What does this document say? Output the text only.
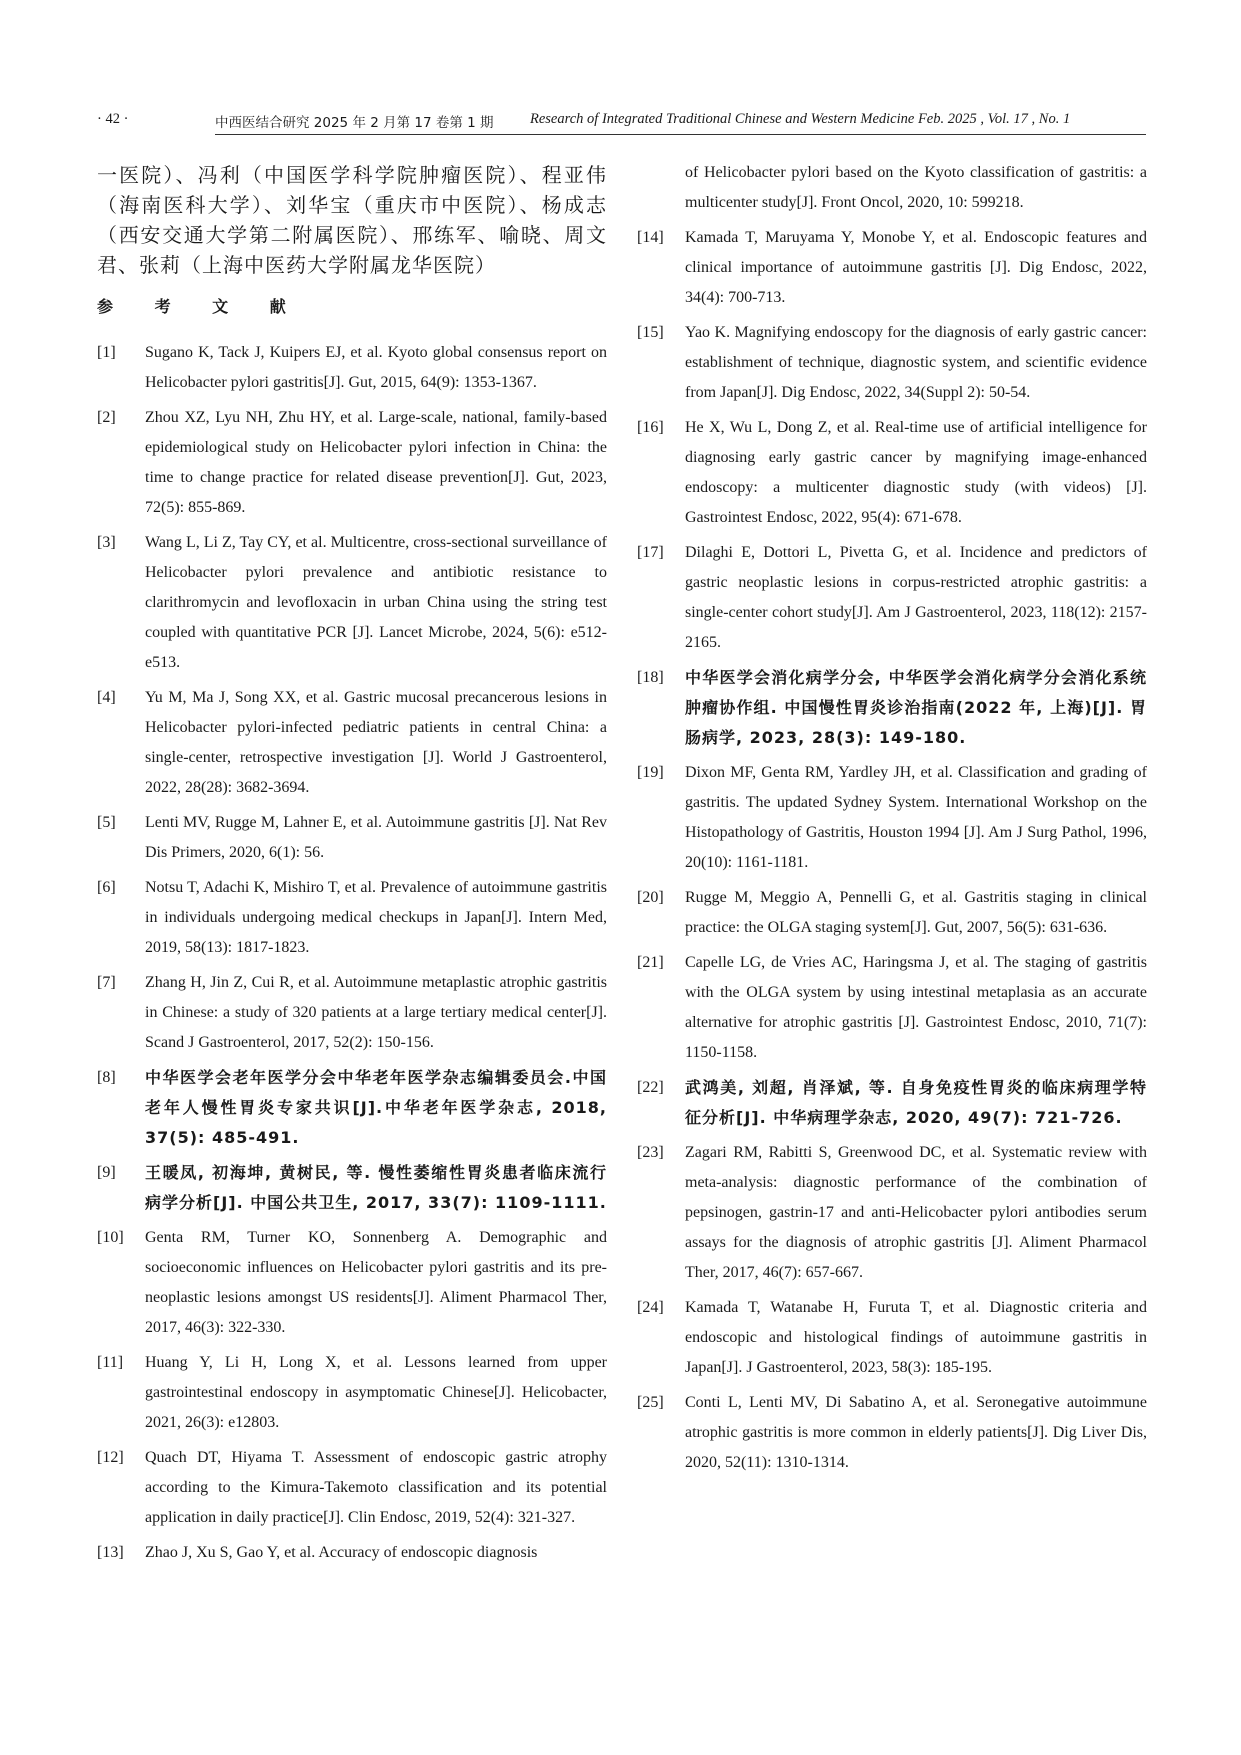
· 42 ·	中西医结合研究 2025 年 2 月第 17 卷第 1 期	Research of Integrated Traditional Chinese and Western Medicine Feb. 2025 , Vol. 17 , No. 1
一医院）、冯利（中国医学科学院肿瘤医院）、程亚伟（海南医科大学）、刘华宝（重庆市中医院）、杨成志（西安交通大学第二附属医院）、邢练军、喻晓、周文君、张莉（上海中医药大学附属龙华医院）
参 考 文 献
[1] Sugano K, Tack J, Kuipers EJ, et al. Kyoto global consensus report on Helicobacter pylori gastritis[J]. Gut, 2015, 64(9): 1353-1367.
[2] Zhou XZ, Lyu NH, Zhu HY, et al. Large-scale, national, family-based epidemiological study on Helicobacter pylori infection in China: the time to change practice for related disease prevention[J]. Gut, 2023, 72(5): 855-869.
[3] Wang L, Li Z, Tay CY, et al. Multicentre, cross-sectional surveillance of Helicobacter pylori prevalence and antibiotic resistance to clarithromycin and levofloxacin in urban China using the string test coupled with quantitative PCR [J]. Lancet Microbe, 2024, 5(6): e512-e513.
[4] Yu M, Ma J, Song XX, et al. Gastric mucosal precancerous lesions in Helicobacter pylori-infected pediatric patients in central China: a single-center, retrospective investigation [J]. World J Gastroenterol, 2022, 28(28): 3682-3694.
[5] Lenti MV, Rugge M, Lahner E, et al. Autoimmune gastritis [J]. Nat Rev Dis Primers, 2020, 6(1): 56.
[6] Notsu T, Adachi K, Mishiro T, et al. Prevalence of autoimmune gastritis in individuals undergoing medical checkups in Japan[J]. Intern Med, 2019, 58(13): 1817-1823.
[7] Zhang H, Jin Z, Cui R, et al. Autoimmune metaplastic atrophic gastritis in Chinese: a study of 320 patients at a large tertiary medical center[J]. Scand J Gastroenterol, 2017, 52(2): 150-156.
[8] 中华医学会老年医学分会中华老年医学杂志编辑委员会.中国老年人慢性胃炎专家共识[J].中华老年医学杂志, 2018, 37(5): 485-491.
[9] 王暖凤, 初海坤, 黄树民, 等. 慢性萎缩性胃炎患者临床流行病学分析[J]. 中国公共卫生, 2017, 33(7): 1109-1111.
[10] Genta RM, Turner KO, Sonnenberg A. Demographic and socioeconomic influences on Helicobacter pylori gastritis and its pre-neoplastic lesions amongst US residents[J]. Aliment Pharmacol Ther, 2017, 46(3): 322-330.
[11] Huang Y, Li H, Long X, et al. Lessons learned from upper gastrointestinal endoscopy in asymptomatic Chinese[J]. Helicobacter, 2021, 26(3): e12803.
[12] Quach DT, Hiyama T. Assessment of endoscopic gastric atrophy according to the Kimura-Takemoto classification and its potential application in daily practice[J]. Clin Endosc, 2019, 52(4): 321-327.
[13] Zhao J, Xu S, Gao Y, et al. Accuracy of endoscopic diagnosis
of Helicobacter pylori based on the Kyoto classification of gastritis: a multicenter study[J]. Front Oncol, 2020, 10: 599218.
[14] Kamada T, Maruyama Y, Monobe Y, et al. Endoscopic features and clinical importance of autoimmune gastritis [J]. Dig Endosc, 2022, 34(4): 700-713.
[15] Yao K. Magnifying endoscopy for the diagnosis of early gastric cancer: establishment of technique, diagnostic system, and scientific evidence from Japan[J]. Dig Endosc, 2022, 34(Suppl 2): 50-54.
[16] He X, Wu L, Dong Z, et al. Real-time use of artificial intelligence for diagnosing early gastric cancer by magnifying image-enhanced endoscopy: a multicenter diagnostic study (with videos) [J]. Gastrointest Endosc, 2022, 95(4): 671-678.
[17] Dilaghi E, Dottori L, Pivetta G, et al. Incidence and predictors of gastric neoplastic lesions in corpus-restricted atrophic gastritis: a single-center cohort study[J]. Am J Gastroenterol, 2023, 118(12): 2157-2165.
[18] 中华医学会消化病学分会, 中华医学会消化病学分会消化系统肿瘤协作组. 中国慢性胃炎诊治指南(2022 年, 上海)[J]. 胃肠病学, 2023, 28(3): 149-180.
[19] Dixon MF, Genta RM, Yardley JH, et al. Classification and grading of gastritis. The updated Sydney System. International Workshop on the Histopathology of Gastritis, Houston 1994 [J]. Am J Surg Pathol, 1996, 20(10): 1161-1181.
[20] Rugge M, Meggio A, Pennelli G, et al. Gastritis staging in clinical practice: the OLGA staging system[J]. Gut, 2007, 56(5): 631-636.
[21] Capelle LG, de Vries AC, Haringsma J, et al. The staging of gastritis with the OLGA system by using intestinal metaplasia as an accurate alternative for atrophic gastritis [J]. Gastrointest Endosc, 2010, 71(7): 1150-1158.
[22] 武鸿美, 刘超, 肖泽斌, 等. 自身免疫性胃炎的临床病理学特征分析[J]. 中华病理学杂志, 2020, 49(7): 721-726.
[23] Zagari RM, Rabitti S, Greenwood DC, et al. Systematic review with meta-analysis: diagnostic performance of the combination of pepsinogen, gastrin-17 and anti-Helicobacter pylori antibodies serum assays for the diagnosis of atrophic gastritis [J]. Aliment Pharmacol Ther, 2017, 46(7): 657-667.
[24] Kamada T, Watanabe H, Furuta T, et al. Diagnostic criteria and endoscopic and histological findings of autoimmune gastritis in Japan[J]. J Gastroenterol, 2023, 58(3): 185-195.
[25] Conti L, Lenti MV, Di Sabatino A, et al. Seronegative autoimmune atrophic gastritis is more common in elderly patients[J]. Dig Liver Dis, 2020, 52(11): 1310-1314.
